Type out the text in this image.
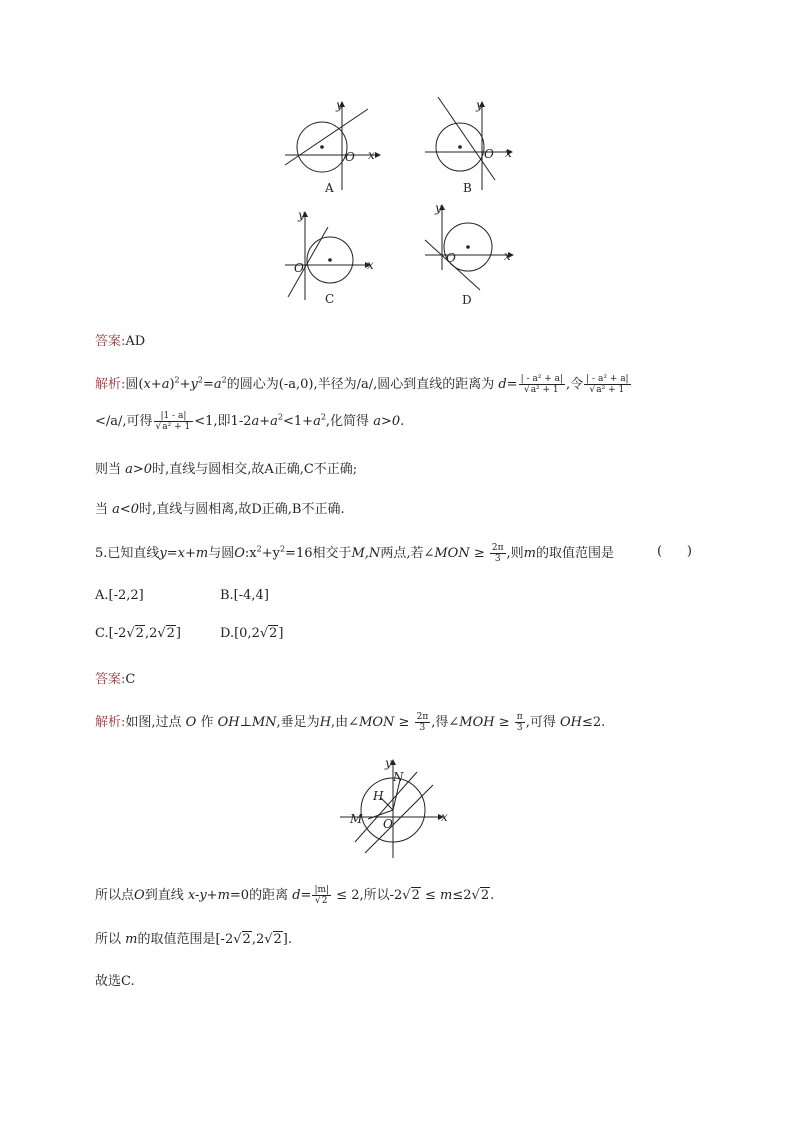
y
O x
A
y
O x
B
y
O	x
C
y
O	x
D
答案:AD
解析:圆$(x+a)^2+y^2=a^2$的圆心为(-a,0),半径为/a/,圆心到直线的距离为 $d= \frac{\text{| - a² + a|}}{\text{√a² + 1}}$ ,令 $\frac{\text{| - a² + a|}}{\text{√a² + 1}}$
</a/,可得 $\frac{|1 - a|}{\text{√a² + 1}} <1$,即$1-2a+a^2<1+a^2$,化简得 a>0.
则当 a>0时,直线与圆相交,故A正确,C不正确;
当 a<0时,直线与圆相离,故D正确,B不正确.
5.已知直线y=x+m与圆$O:x^2+y^2=16$相交于M,N两点,若∠MON ≥ $\frac{2\pi}{3}$ ,则m的取值范围是	(      )
A.[-2,2]	B.[-4,4]
C.[-2√2,2√2]	D.[0,2√2]
答案:C
解析:如图,过点 O 作 OH⊥MN,垂足为H,由∠MON ≥ $\frac{2\pi}{3}$ ,得∠MOH ≥ $\frac{\pi}{3}$ ,可得 OH≤2.
y
x
N
H
M O
所以点O到直线 x-y+m=0的距离 $d= \frac{|m|}{√2} \le 2$,所以-2√2 ≤ m≤2√2.
所以 m的取值范围是[-2√2,2√2].
故选C.
